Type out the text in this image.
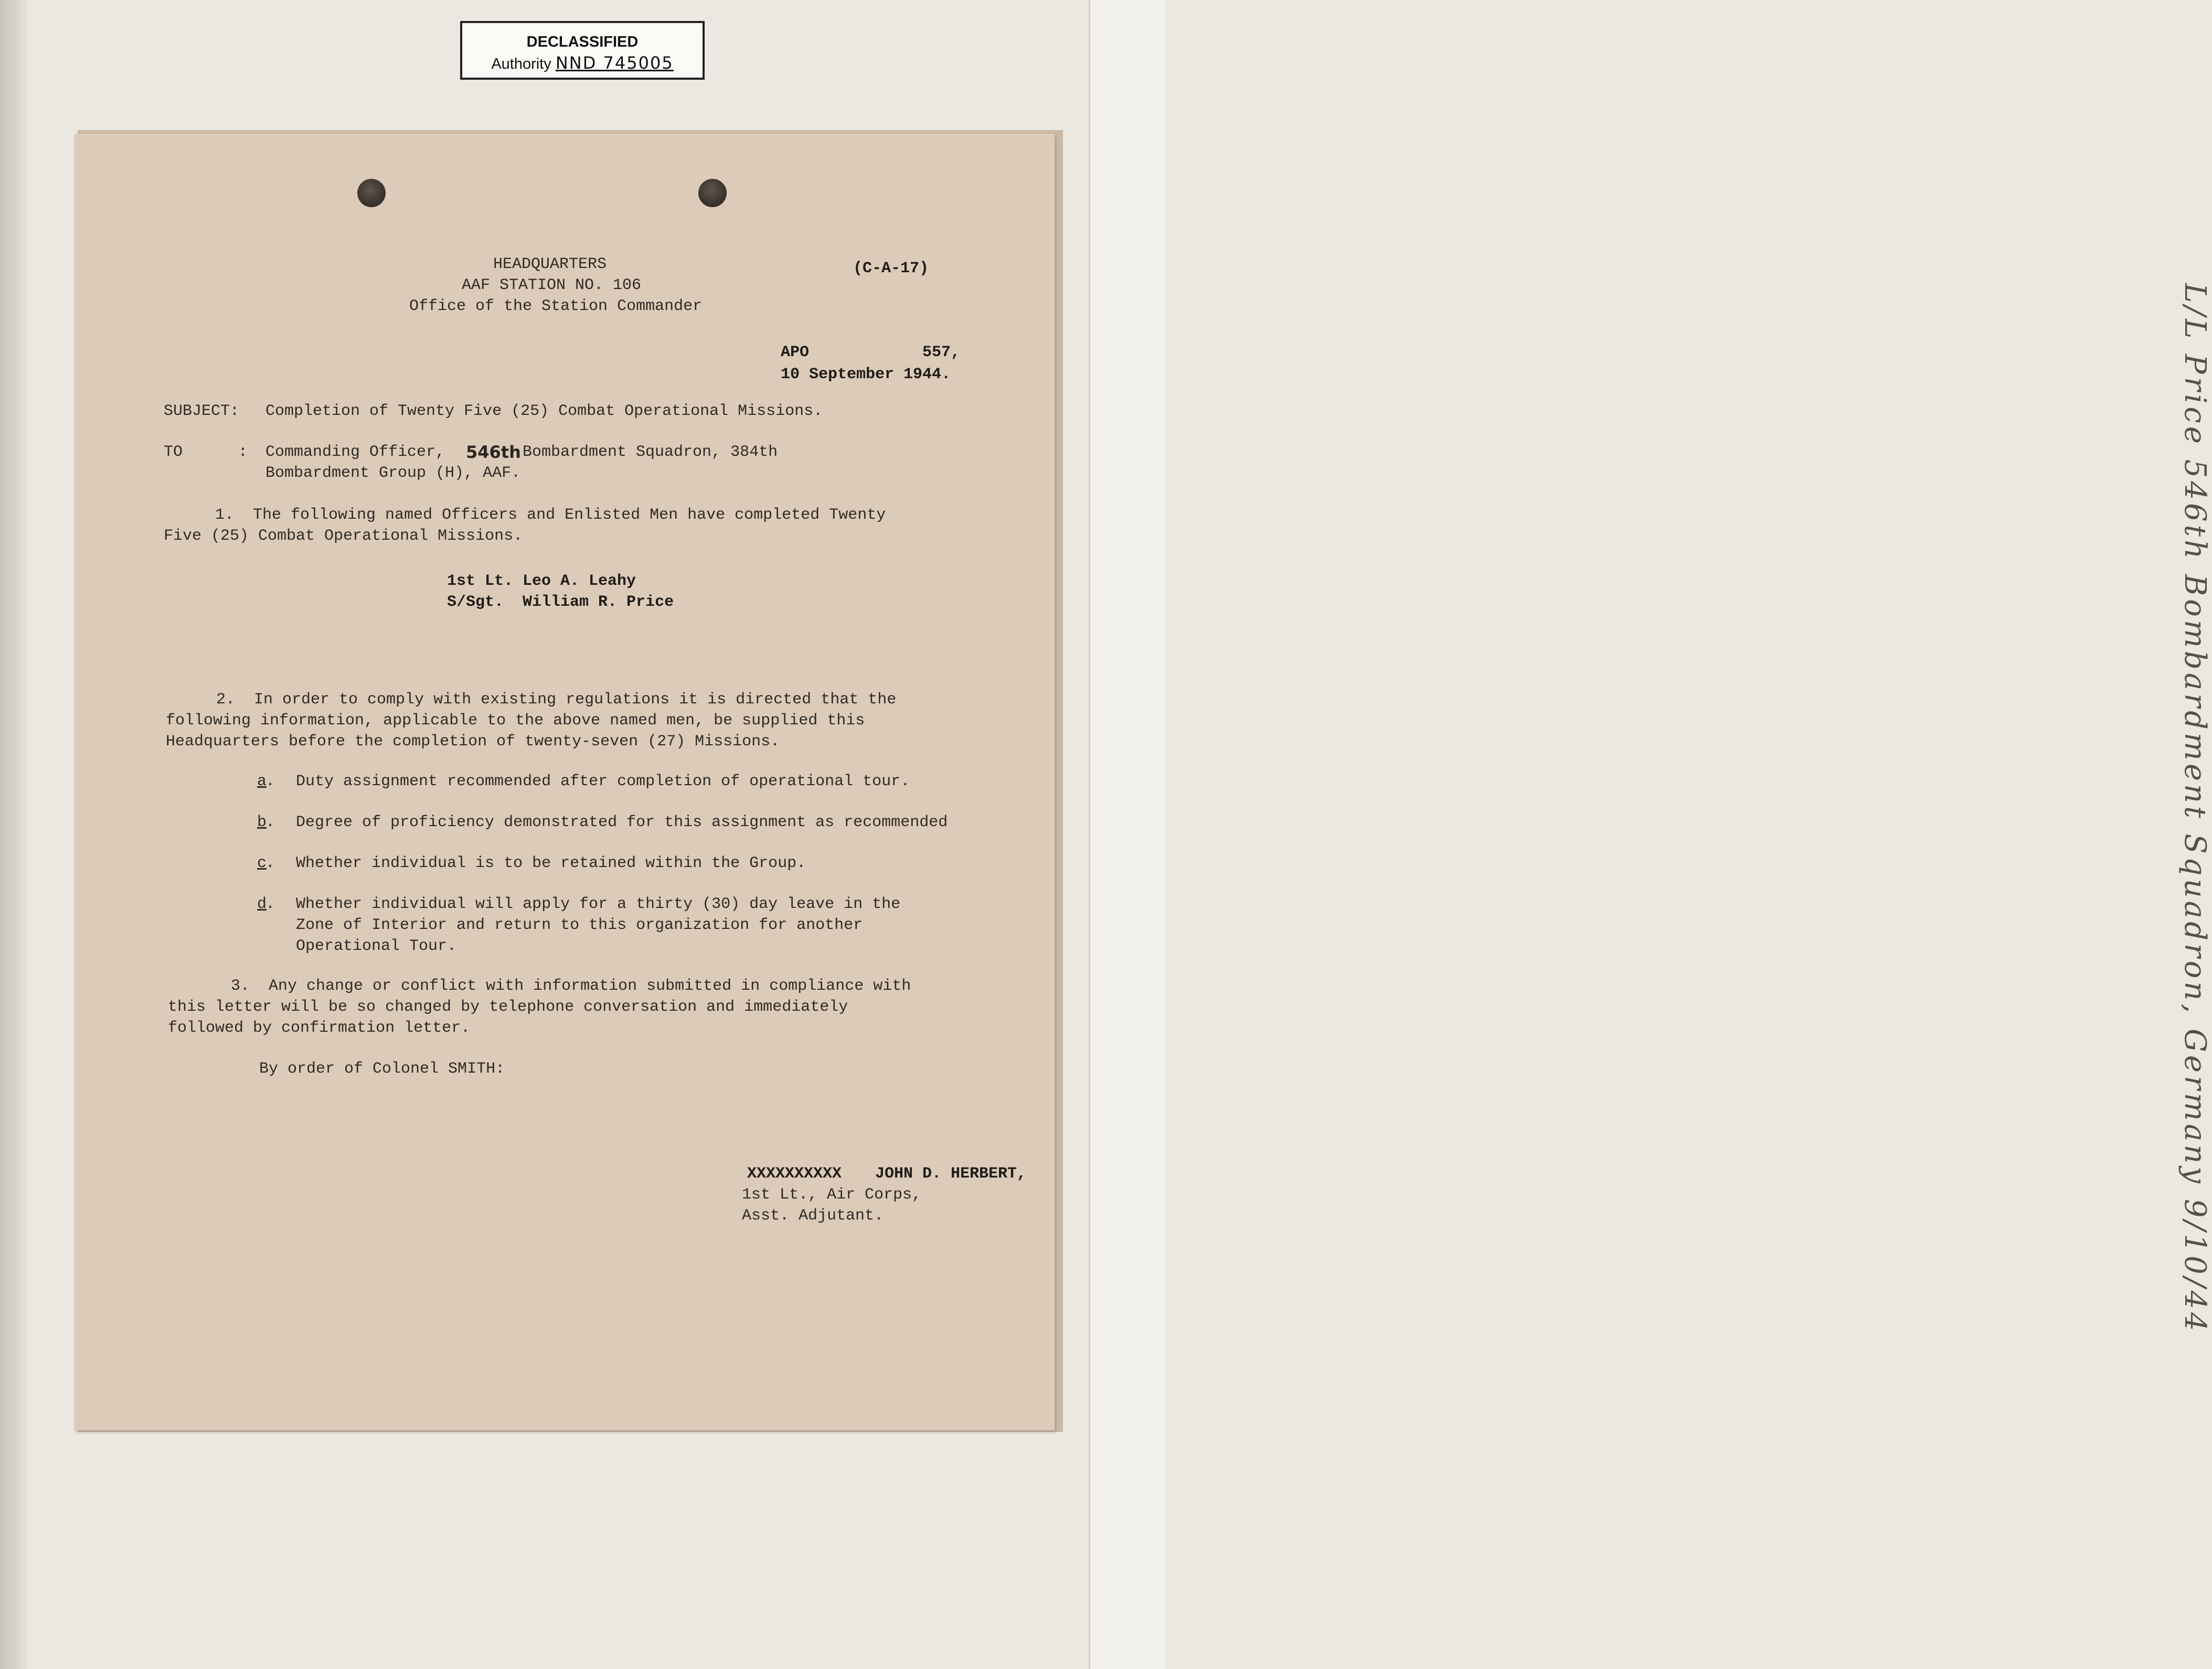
L/L Price 546th Bombardment Squadron, Germany 9/10/44
DECLASSIFIED
Authority NND 745005
HEADQUARTERS
AAF STATION NO. 106
Office of the Station Commander
(C-A-17)
APO	557,
10 September 1944.
SUBJECT: Completion of Twenty Five (25) Combat Operational Missions.
TO	: Commanding Officer, 546th Bombardment Squadron, 384th
Bombardment Group (H), AAF.
1.  The following named Officers and Enlisted Men have completed Twenty
Five (25) Combat Operational Missions.
1st Lt. Leo A. Leahy
S/Sgt.  William R. Price
2.  In order to comply with existing regulations it is directed that the
following information, applicable to the above named men, be supplied this
Headquarters before the completion of twenty-seven (27) Missions.
a
. Duty assignment recommended after completion of operational tour.
b
. Degree of proficiency demonstrated for this assignment as recommended
c
. Whether individual is to be retained within the Group.
d
. Whether individual will apply for a thirty (30) day leave in the
Zone of Interior and return to this organization for another
Operational Tour.
3.  Any change or conflict with information submitted in compliance with
this letter will be so changed by telephone conversation and immediately
followed by confirmation letter.
By order of Colonel SMITH:
XXXXXXXXXX JOHN D. HERBERT,
1st Lt., Air Corps,
Asst. Adjutant.
